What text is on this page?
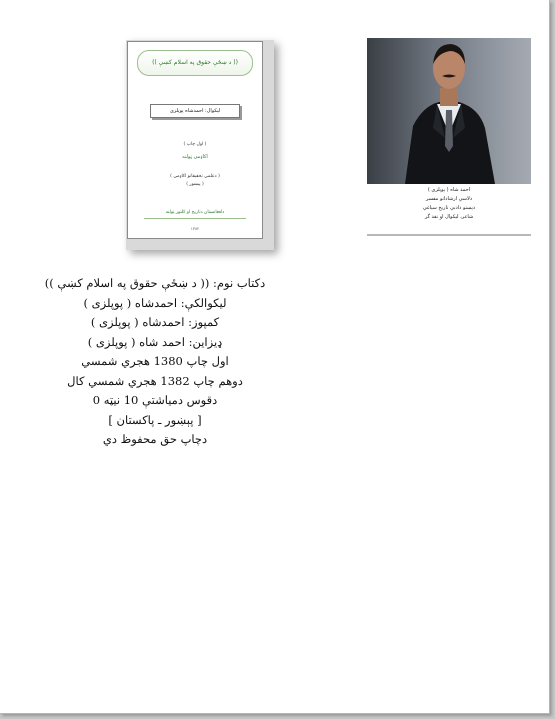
(( د ښځې حقوق په اسلام کښې ))
لیکوال: احمدشاه پوپلزی
( اول چاپ )
اکاډمی ټولنه
( دعلمي تحقيقاتو اکاډمي )
( پیښور )
دافغانستان دتاریخ او کلتور ټولنه
۱۳۸۲
احمد شاه ( پوپلزی )
دلاسي ارشاداتو مفسر
دپښتو دادبي تاریخ سیاغي
شاعر، لیکوال او نقد گر
دکتاب نوم: (( د ښځې حقوق په اسلام کښې ))
لیکوالکې: احمدشاه ( پوپلزی )
کمپوز: احمدشاه ( پوپلزی )
ډیزاین: احمد شاه ( پوپلزی )
اول چاپ 1380 هجري شمسي
دوهم چاپ 1382 هجري شمسي کال
دقوس دمیاشتې 10 نیټه 0
[ پېښور ـ پاکستان ]
دچاپ حق محفوظ دي
